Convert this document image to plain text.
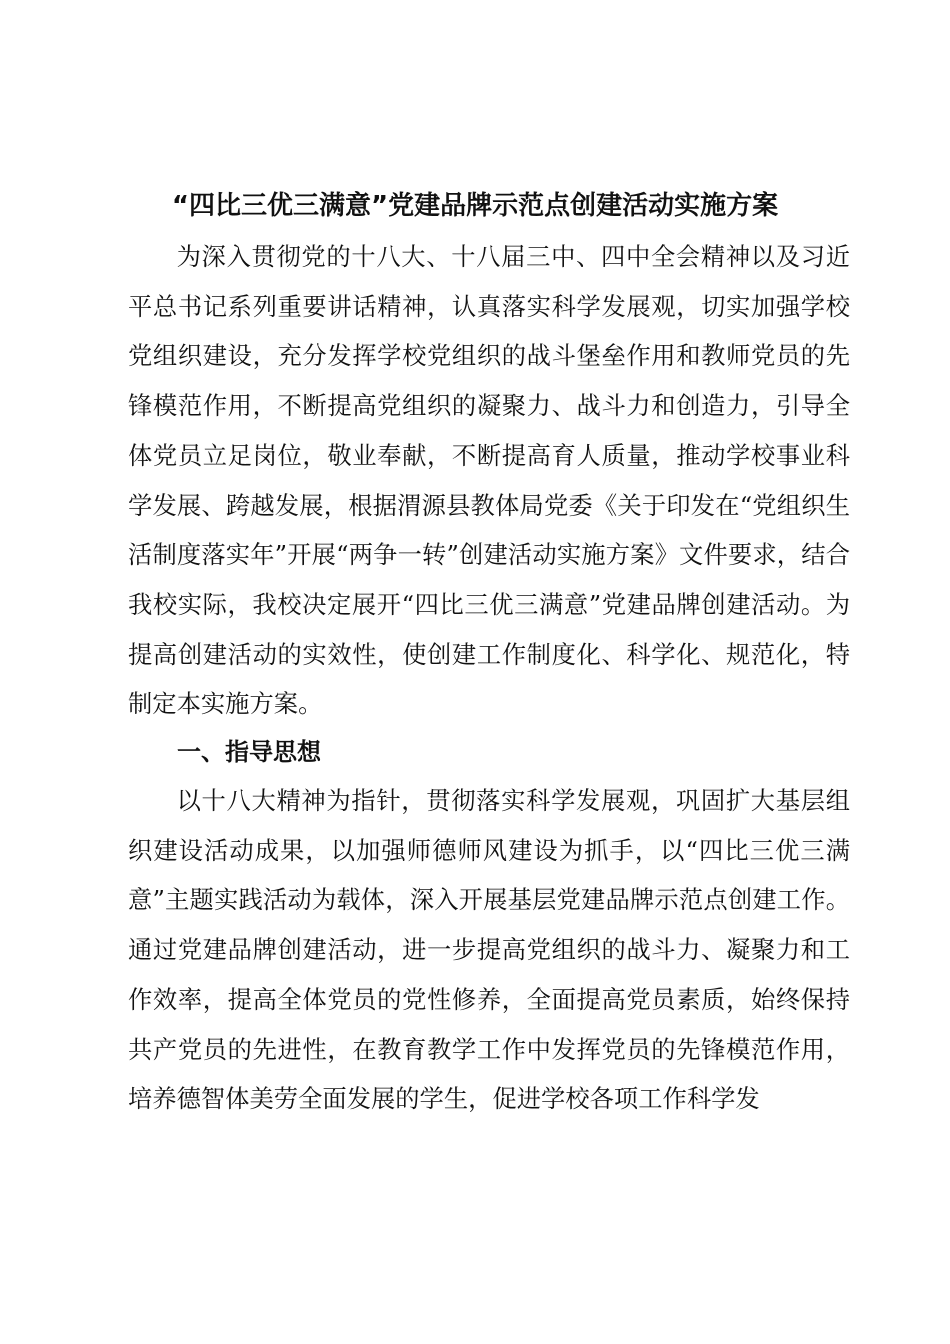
“四比三优三满意”党建品牌示范点创建活动实施方案

为深入贯彻党的十八大、十八届三中、四中全会精神以及习近平总书记系列重要讲话精神，认真落实科学发展观，切实加强学校党组织建设，充分发挥学校党组织的战斗堡垒作用和教师党员的先锋模范作用，不断提高党组织的凝聚力、战斗力和创造力，引导全体党员立足岗位，敬业奉献，不断提高育人质量，推动学校事业科学发展、跨越发展，根据渭源县教体局党委《关于印发在“党组织生活制度落实年”开展“两争一转”创建活动实施方案》文件要求，结合我校实际，我校决定展开“四比三优三满意”党建品牌创建活动。为提高创建活动的实效性，使创建工作制度化、科学化、规范化，特制定本实施方案。

一、指导思想

以十八大精神为指针，贯彻落实科学发展观，巩固扩大基层组织建设活动成果，以加强师德师风建设为抓手，以“四比三优三满意”主题实践活动为载体，深入开展基层党建品牌示范点创建工作。通过党建品牌创建活动，进一步提高党组织的战斗力、凝聚力和工作效率，提高全体党员的党性修养，全面提高党员素质，始终保持共产党员的先进性，在教育教学工作中发挥党员的先锋模范作用，培养德智体美劳全面发展的学生，促进学校各项工作科学发
